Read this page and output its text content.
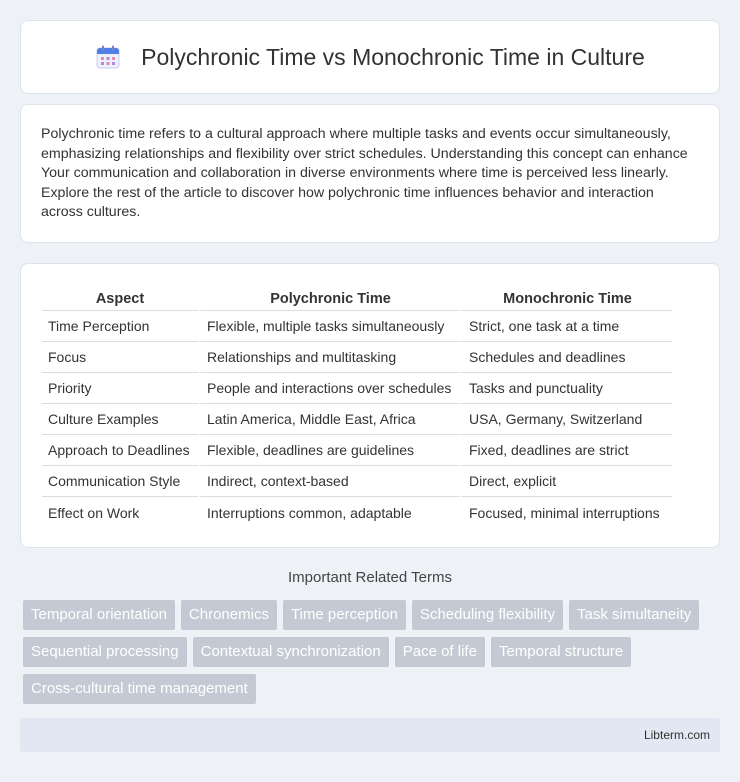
Polychronic Time vs Monochronic Time in Culture

Polychronic time refers to a cultural approach where multiple tasks and events occur simultaneously, emphasizing relationships and flexibility over strict schedules. Understanding this concept can enhance Your communication and collaboration in diverse environments where time is perceived less linearly. Explore the rest of the article to discover how polychronic time influences behavior and interaction across cultures.

Aspect	Polychronic Time	Monochronic Time
Time Perception	Flexible, multiple tasks simultaneously	Strict, one task at a time
Focus	Relationships and multitasking	Schedules and deadlines
Priority	People and interactions over schedules	Tasks and punctuality
Culture Examples	Latin America, Middle East, Africa	USA, Germany, Switzerland
Approach to Deadlines	Flexible, deadlines are guidelines	Fixed, deadlines are strict
Communication Style	Indirect, context-based	Direct, explicit
Effect on Work	Interruptions common, adaptable	Focused, minimal interruptions
Important Related Terms
Temporal orientation	Chronemics	Time perception	Scheduling flexibility	Task simultaneity
Sequential processing	Contextual synchronization	Pace of life	Temporal structure
Cross-cultural time management
Libterm.com
